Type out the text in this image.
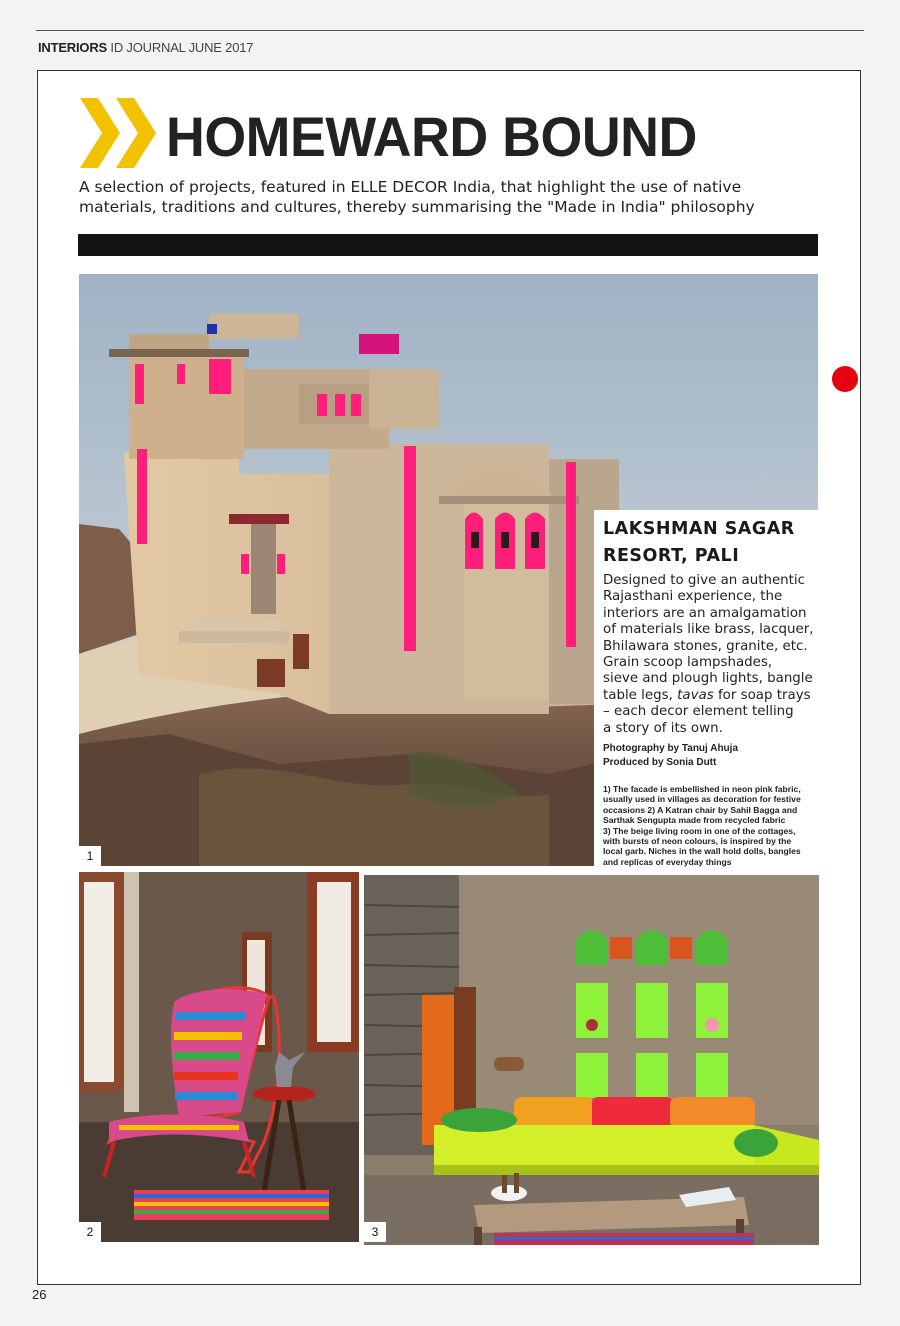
INTERIORS ID JOURNAL JUNE 2017
HOMEWARD BOUND
A selection of projects, featured in ELLE DECOR India, that highlight the use of native
materials, traditions and cultures, thereby summarising the "Made in India" philosophy
1
LAKSHMAN SAGAR
RESORT, PALI
Designed to give an authentic
Rajasthani experience, the
interiors are an amalgamation
of materials like brass, lacquer,
Bhilawara stones, granite, etc.
Grain scoop lampshades,
sieve and plough lights, bangle
table legs, tavas for soap trays
– each decor element telling
a story of its own.
Photography by Tanuj Ahuja
Produced by Sonia Dutt
1) The facade is embellished in neon pink fabric,
usually used in villages as decoration for festive
occasions 2) A Katran chair by Sahil Bagga and
Sarthak Sengupta made from recycled fabric
3) The beige living room in one of the cottages,
with bursts of neon colours, is inspired by the
local garb. Niches in the wall hold dolls, bangles
and replicas of everyday things
2	3
26
